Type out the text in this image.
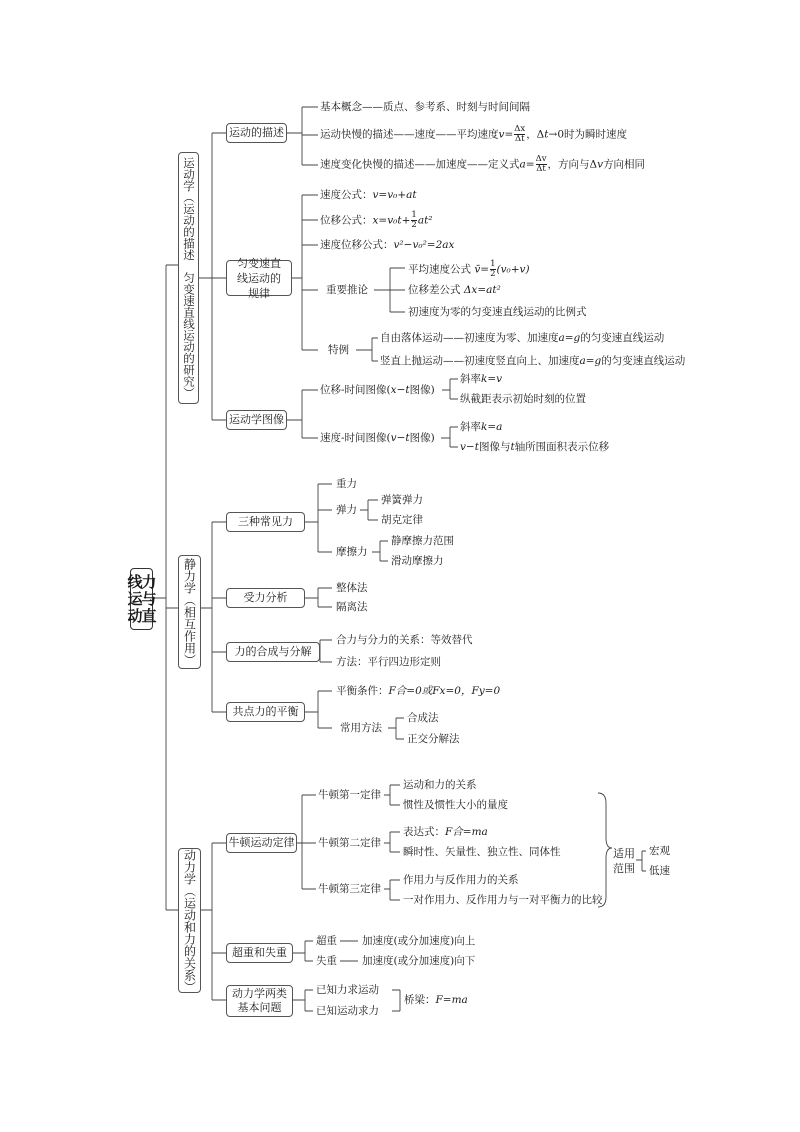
力与直线运动
运动学（运动的描述　匀变速直线运动的研究）
静力学（相互作用）
动力学（运动和力的关系）
运动的描述
基本概念——质点、参考系、时刻与时间间隔
运动快慢的描述——速度——平均速度$v= \frac{\Delta x}{\Delta t}$ ，Δt→0时为瞬时速度
速度变化快慢的描述——加速度——定义式$a= \frac{\Delta v}{\Delta t}$ ，方向与Δv方向相同
匀变速直线运动的规律
速度公式：v=v₀+at
位移公式：$x=v_0t+ \frac{1}{2} at^2$
速度位移公式：v²−v₀²=2ax
重要推论
平均速度公式 v̄= $\frac{1}{2} (v_0+v)$
位移差公式 Δx=at²
初速度为零的匀变速直线运动的比例式
特例
自由落体运动——初速度为零、加速度a=g的匀变速直线运动
竖直上抛运动——初速度竖直向上、加速度a=g的匀变速直线运动
运动学图像
位移-时间图像(x−t图像)
斜率k=v
纵截距表示初始时刻的位置
速度-时间图像(v−t图像)
斜率k=a
v−t图像与t轴所围面积表示位移
三种常见力
重力
弹力
弹簧弹力
胡克定律
摩擦力
静摩擦力范围
滑动摩擦力
受力分析
整体法
隔离法
力的合成与分解
合力与分力的关系：等效替代
方法：平行四边形定则
共点力的平衡
平衡条件：F合=0或Fx=0，Fy=0
常用方法
合成法
正交分解法
牛顿运动定律
牛顿第一定律
运动和力的关系
惯性及惯性大小的量度
牛顿第二定律
表达式：F合=ma
瞬时性、矢量性、独立性、同体性
牛顿第三定律
作用力与反作用力的关系
一对作用力、反作用力与一对平衡力的比较
适用范围
宏观
低速
超重和失重
超重 加速度(或分加速度)向上
失重 加速度(或分加速度)向下
动力学两类基本问题
已知力求运动
已知运动求力
桥梁：F=ma
